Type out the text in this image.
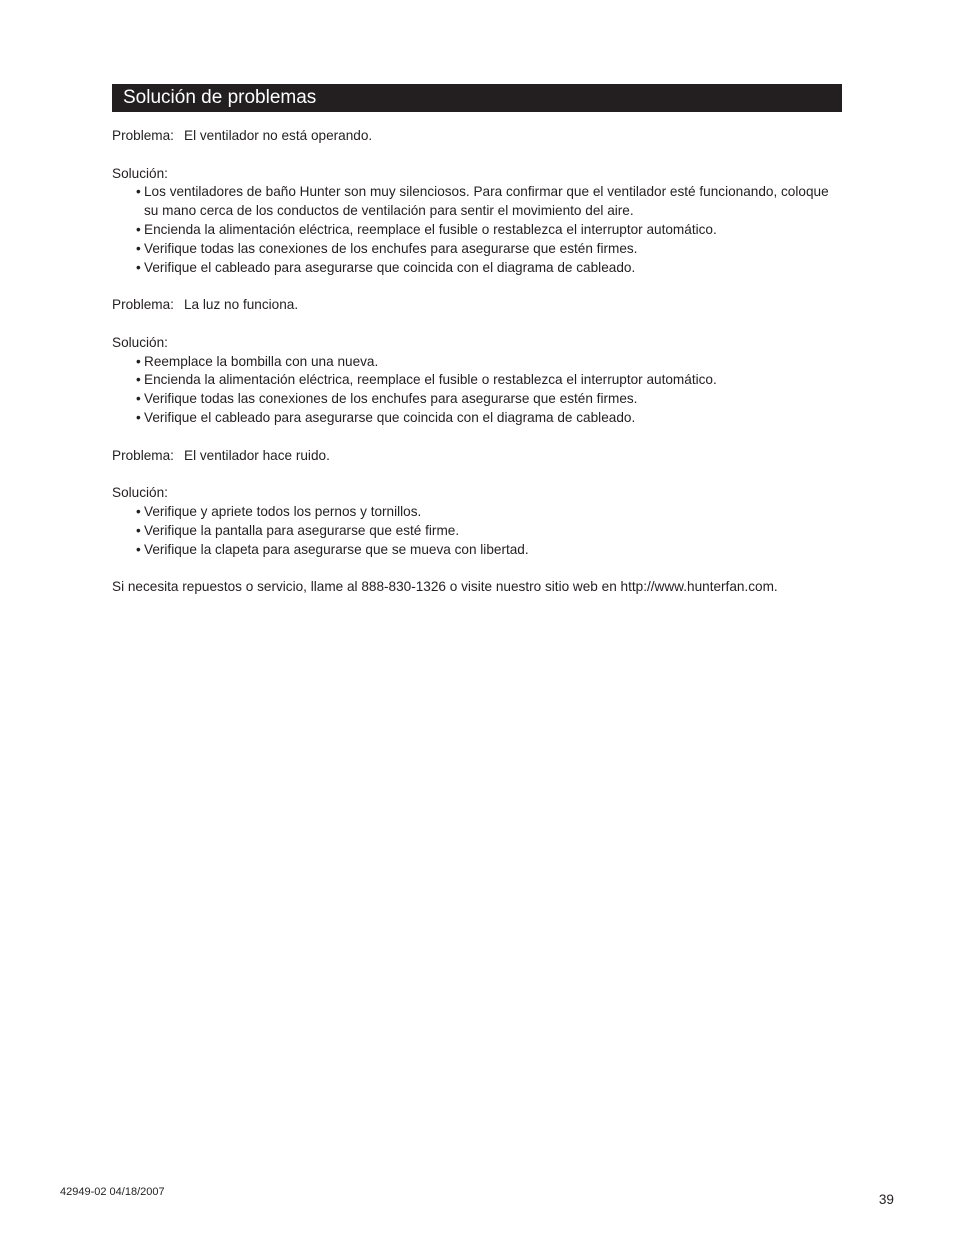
Solución de problemas
Problema: El ventilador no está operando.
Solución:
• Los ventiladores de baño Hunter son muy silenciosos. Para confirmar que el ventilador esté funcionando, coloque su mano cerca de los conductos de ventilación para sentir el movimiento del aire.
• Encienda la alimentación eléctrica, reemplace el fusible o restablezca el interruptor automático.
• Verifique todas las conexiones de los enchufes para asegurarse que estén firmes.
• Verifique el cableado para asegurarse que coincida con el diagrama de cableado.
Problema: La luz no funciona.
Solución:
• Reemplace la bombilla con una nueva.
• Encienda la alimentación eléctrica, reemplace el fusible o restablezca el interruptor automático.
• Verifique todas las conexiones de los enchufes para asegurarse que estén firmes.
• Verifique el cableado para asegurarse que coincida con el diagrama de cableado.
Problema: El ventilador hace ruido.
Solución:
• Verifique y apriete todos los pernos y tornillos.
• Verifique la pantalla para asegurarse que esté firme.
• Verifique la clapeta para asegurarse que se mueva con libertad.
Si necesita repuestos o servicio, llame al 888-830-1326 o visite nuestro sitio web en http://www.hunterfan.com.
42949-02 04/18/2007	39
